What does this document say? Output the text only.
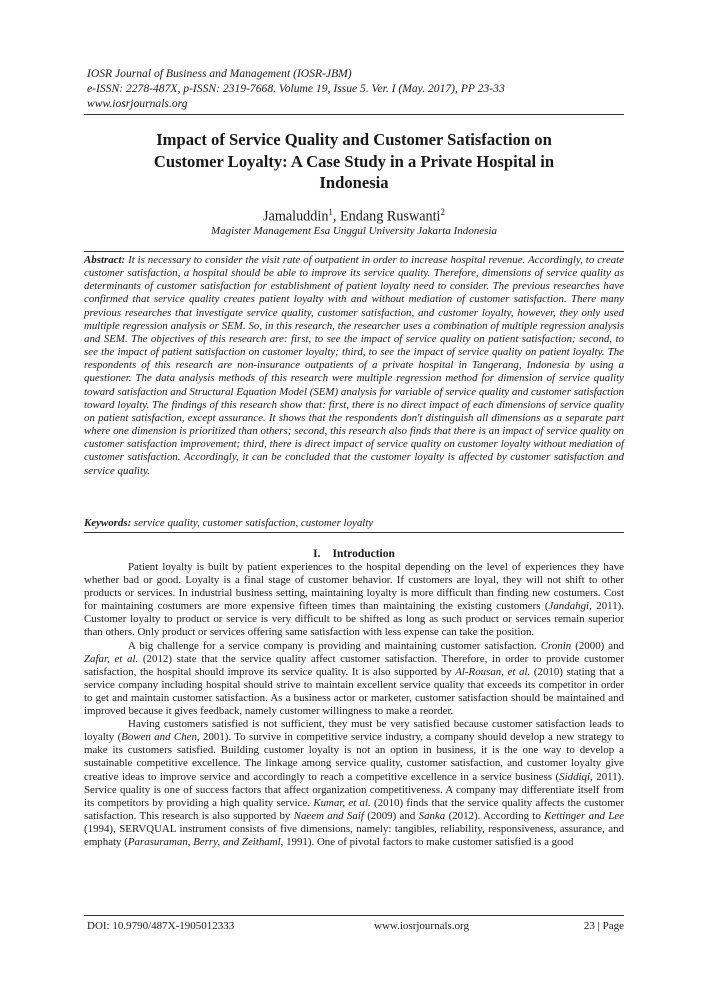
IOSR Journal of Business and Management (IOSR-JBM)
e-ISSN: 2278-487X, p-ISSN: 2319-7668. Volume 19, Issue 5. Ver. I (May. 2017), PP 23-33
www.iosrjournals.org
Impact of Service Quality and Customer Satisfaction on
Customer Loyalty: A Case Study in a Private Hospital in
Indonesia
Jamaluddin$^1$, Endang Ruswanti$^2$
Magister Management Esa Unggul University Jakarta Indonesia
Abstract: It is necessary to consider the visit rate of outpatient in order to increase hospital revenue. Accordingly, to create customer satisfaction, a hospital should be able to improve its service quality. Therefore, dimensions of service quality as determinants of customer satisfaction for establishment of patient loyalty need to consider. The previous researches have confirmed that service quality creates patient loyalty with and without mediation of customer satisfaction. There many previous researches that investigate service quality, customer satisfaction, and customer loyalty, however, they only used multiple regression analysis or SEM. So, in this research, the researcher uses a combination of multiple regression analysis and SEM. The objectives of this research are: first, to see the impact of service quality on patient satisfaction; second, to see the impact of patient satisfaction on customer loyalty; third, to see the impact of service quality on patient loyalty. The respondents of this research are non-insurance outpatients of a private hospital in Tangerang, Indonesia by using a questioner. The data analysis methods of this research were multiple regression method for dimension of service quality toward satisfaction and Structural Equation Model (SEM) analysis for variable of service quality and customer satisfaction toward loyalty. The findings of this research show that: first, there is no direct impact of each dimensions of service quality on patient satisfaction, except assurance. It shows that the respondents don't distinguish all dimensions as a separate part where one dimension is prioritized than others; second, this research also finds that there is an impact of service quality on customer satisfaction improvement; third, there is direct impact of service quality on customer loyalty without mediation of customer satisfaction. Accordingly, it can be concluded that the customer loyalty is affected by customer satisfaction and service quality.
Keywords: service quality, customer satisfaction, customer loyalty
I. Introduction

Patient loyalty is built by patient experiences to the hospital depending on the level of experiences they have whether bad or good. Loyalty is a final stage of customer behavior. If customers are loyal, they will not shift to other products or services. In industrial business setting, maintaining loyalty is more difficult than finding new costumers. Cost for maintaining costumers are more expensive fifteen times than maintaining the existing customers (Jandahgi, 2011). Customer loyalty to product or service is very difficult to be shifted as long as such product or services remain superior than others. Only product or services offering same satisfaction with less expense can take the position.

A big challenge for a service company is providing and maintaining customer satisfaction. Cronin (2000) and Zafar, et al. (2012) state that the service quality affect customer satisfaction. Therefore, in order to provide customer satisfaction, the hospital should improve its service quality. It is also supported by Al-Rousan, et al. (2010) stating that a service company including hospital should strive to maintain excellent service quality that exceeds its competitor in order to get and maintain customer satisfaction. As a business actor or marketer, customer satisfaction should be maintained and improved because it gives feedback, namely customer willingness to make a reorder.

Having customers satisfied is not sufficient, they must be very satisfied because customer satisfaction leads to loyalty (Bowen and Chen, 2001). To survive in competitive service industry, a company should develop a new strategy to make its customers satisfied. Building customer loyalty is not an option in business, it is the one way to develop a sustainable competitive excellence. The linkage among service quality, customer satisfaction, and customer loyalty give creative ideas to improve service and accordingly to reach a competitive excellence in a service business (Siddiqi, 2011). Service quality is one of success factors that affect organization competitiveness. A company may differentiate itself from its competitors by providing a high quality service. Kumar, et al. (2010) finds that the service quality affects the customer satisfaction. This research is also supported by Naeem and Saif (2009) and Sanka (2012). According to Kettinger and Lee (1994), SERVQUAL instrument consists of five dimensions, namely: tangibles, reliability, responsiveness, assurance, and emphaty (Parasuraman, Berry, and Zeithaml, 1991). One of pivotal factors to make customer satisfied is a good

DOI: 10.9790/487X-1905012333	www.iosrjournals.org	23 | Page
